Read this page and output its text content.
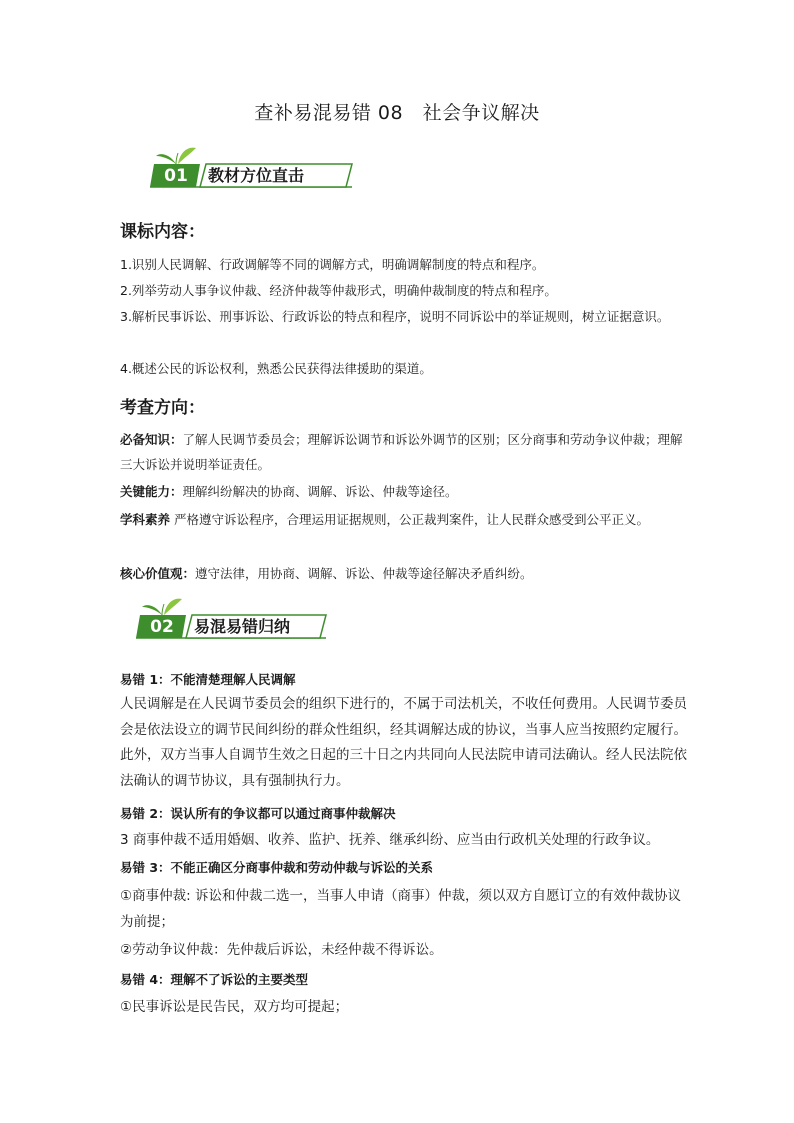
查补易混易错 08　社会争议解决
01	教材方位直击
课标内容：
1.识别人民调解、行政调解等不同的调解方式，明确调解制度的特点和程序。
2.列举劳动人事争议仲裁、经济仲裁等仲裁形式，明确仲裁制度的特点和程序。
3.解析民事诉讼、刑事诉讼、行政诉讼的特点和程序，说明不同诉讼中的举证规则，树立证据意识。
4.概述公民的诉讼权利，熟悉公民获得法律援助的渠道。
考查方向：
必备知识：了解人民调节委员会；理解诉讼调节和诉讼外调节的区别；区分商事和劳动争议仲裁；理解三大诉讼并说明举证责任。
关键能力：理解纠纷解决的协商、调解、诉讼、仲裁等途径。
学科素养 严格遵守诉讼程序，合理运用证据规则，公正裁判案件，让人民群众感受到公平正义。
核心价值观：遵守法律，用协商、调解、诉讼、仲裁等途径解决矛盾纠纷。
02	易混易错归纳
易错 1：不能清楚理解人民调解
人民调解是在人民调节委员会的组织下进行的，不属于司法机关，不收任何费用。人民调节委员会是依法设立的调节民间纠纷的群众性组织，经其调解达成的协议，当事人应当按照约定履行。此外，双方当事人自调节生效之日起的三十日之内共同向人民法院申请司法确认。经人民法院依法确认的调节协议，具有强制执行力。
易错 2：误认所有的争议都可以通过商事仲裁解决
3 商事仲裁不适用婚姻、收养、监护、抚养、继承纠纷、应当由行政机关处理的行政争议。
易错 3：不能正确区分商事仲裁和劳动仲裁与诉讼的关系
①商事仲裁: 诉讼和仲裁二选一，当事人申请（商事）仲裁，须以双方自愿订立的有效仲裁协议为前提；
②劳动争议仲裁：先仲裁后诉讼，未经仲裁不得诉讼。
易错 4：理解不了诉讼的主要类型
①民事诉讼是民告民，双方均可提起；
